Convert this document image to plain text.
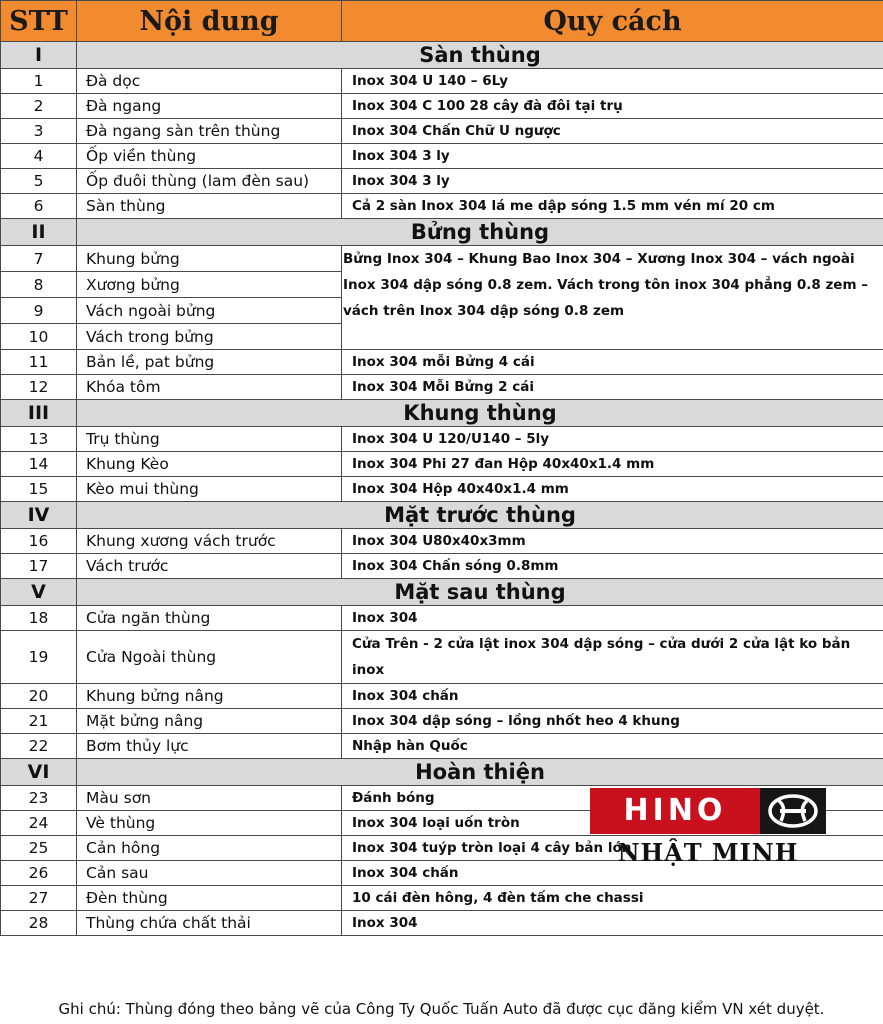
STT	Nội dung	Quy cách
I	Sàn thùng	
1	Đà dọc	Inox 304 U 140 – 6Ly
2	Đà ngang	Inox 304 C 100 28 cây đà đôi tại trụ
3	Đà ngang sàn trên thùng	Inox 304 Chấn Chữ U ngược
4	Ốp viền thùng	Inox 304 3 ly
5	Ốp đuôi thùng (lam đèn sau)	Inox 304 3 ly
6	Sàn thùng	Cả 2 sàn Inox 304 lá me dập sóng 1.5 mm vén mí 20 cm
II	Bửng thùng	
7	Khung bửng	Bửng Inox 304 – Khung Bao Inox 304 – Xương Inox 304 – vách ngoài Inox 304 dập sóng 0.8 zem. Vách trong tôn inox 304 phẳng 0.8 zem – vách trên Inox 304 dập sóng 0.8 zem
8	Xương bửng	
9	Vách ngoài bửng	
10	Vách trong bửng	
11	Bản lề, pat bửng	Inox 304 mỗi Bửng 4 cái
12	Khóa tôm	Inox 304 Mỗi Bửng 2 cái
III	Khung thùng	
13	Trụ thùng	Inox 304 U 120/U140 – 5ly
14	Khung Kèo	Inox 304 Phi 27 đan Hộp 40x40x1.4 mm
15	Kèo mui thùng	Inox 304 Hộp 40x40x1.4 mm
IV	Mặt trước thùng	
16	Khung xương vách trước	Inox 304 U80x40x3mm
17	Vách trước	Inox 304 Chấn sóng 0.8mm
V	Mặt sau thùng	
18	Cửa ngăn thùng	Inox 304
19	Cửa Ngoài thùng	Cửa Trên - 2 cửa lật inox 304 dập sóng – cửa dưới 2 cửa lật ko bản inox
20	Khung bửng nâng	Inox 304 chấn
21	Mặt bửng nâng	Inox 304 dập sóng – lồng nhốt heo 4 khung
22	Bơm thủy lực	Nhập hàn Quốc
VI	Hoàn thiện	
23	Màu sơn	Đánh bóng
24	Vè thùng	Inox 304 loại uốn tròn
25	Cản hông	Inox 304 tuýp tròn loại 4 cây bản lớn
26	Cản sau	Inox 304 chấn
27	Đèn thùng	10 cái đèn hông, 4 đèn tấm che chassi
28	Thùng chứa chất thải	Inox 304
HINO
NHẬT MINH
Ghi chú: Thùng đóng theo bảng vẽ của Công Ty Quốc Tuấn Auto đã được cục đăng kiểm VN xét duyệt.
